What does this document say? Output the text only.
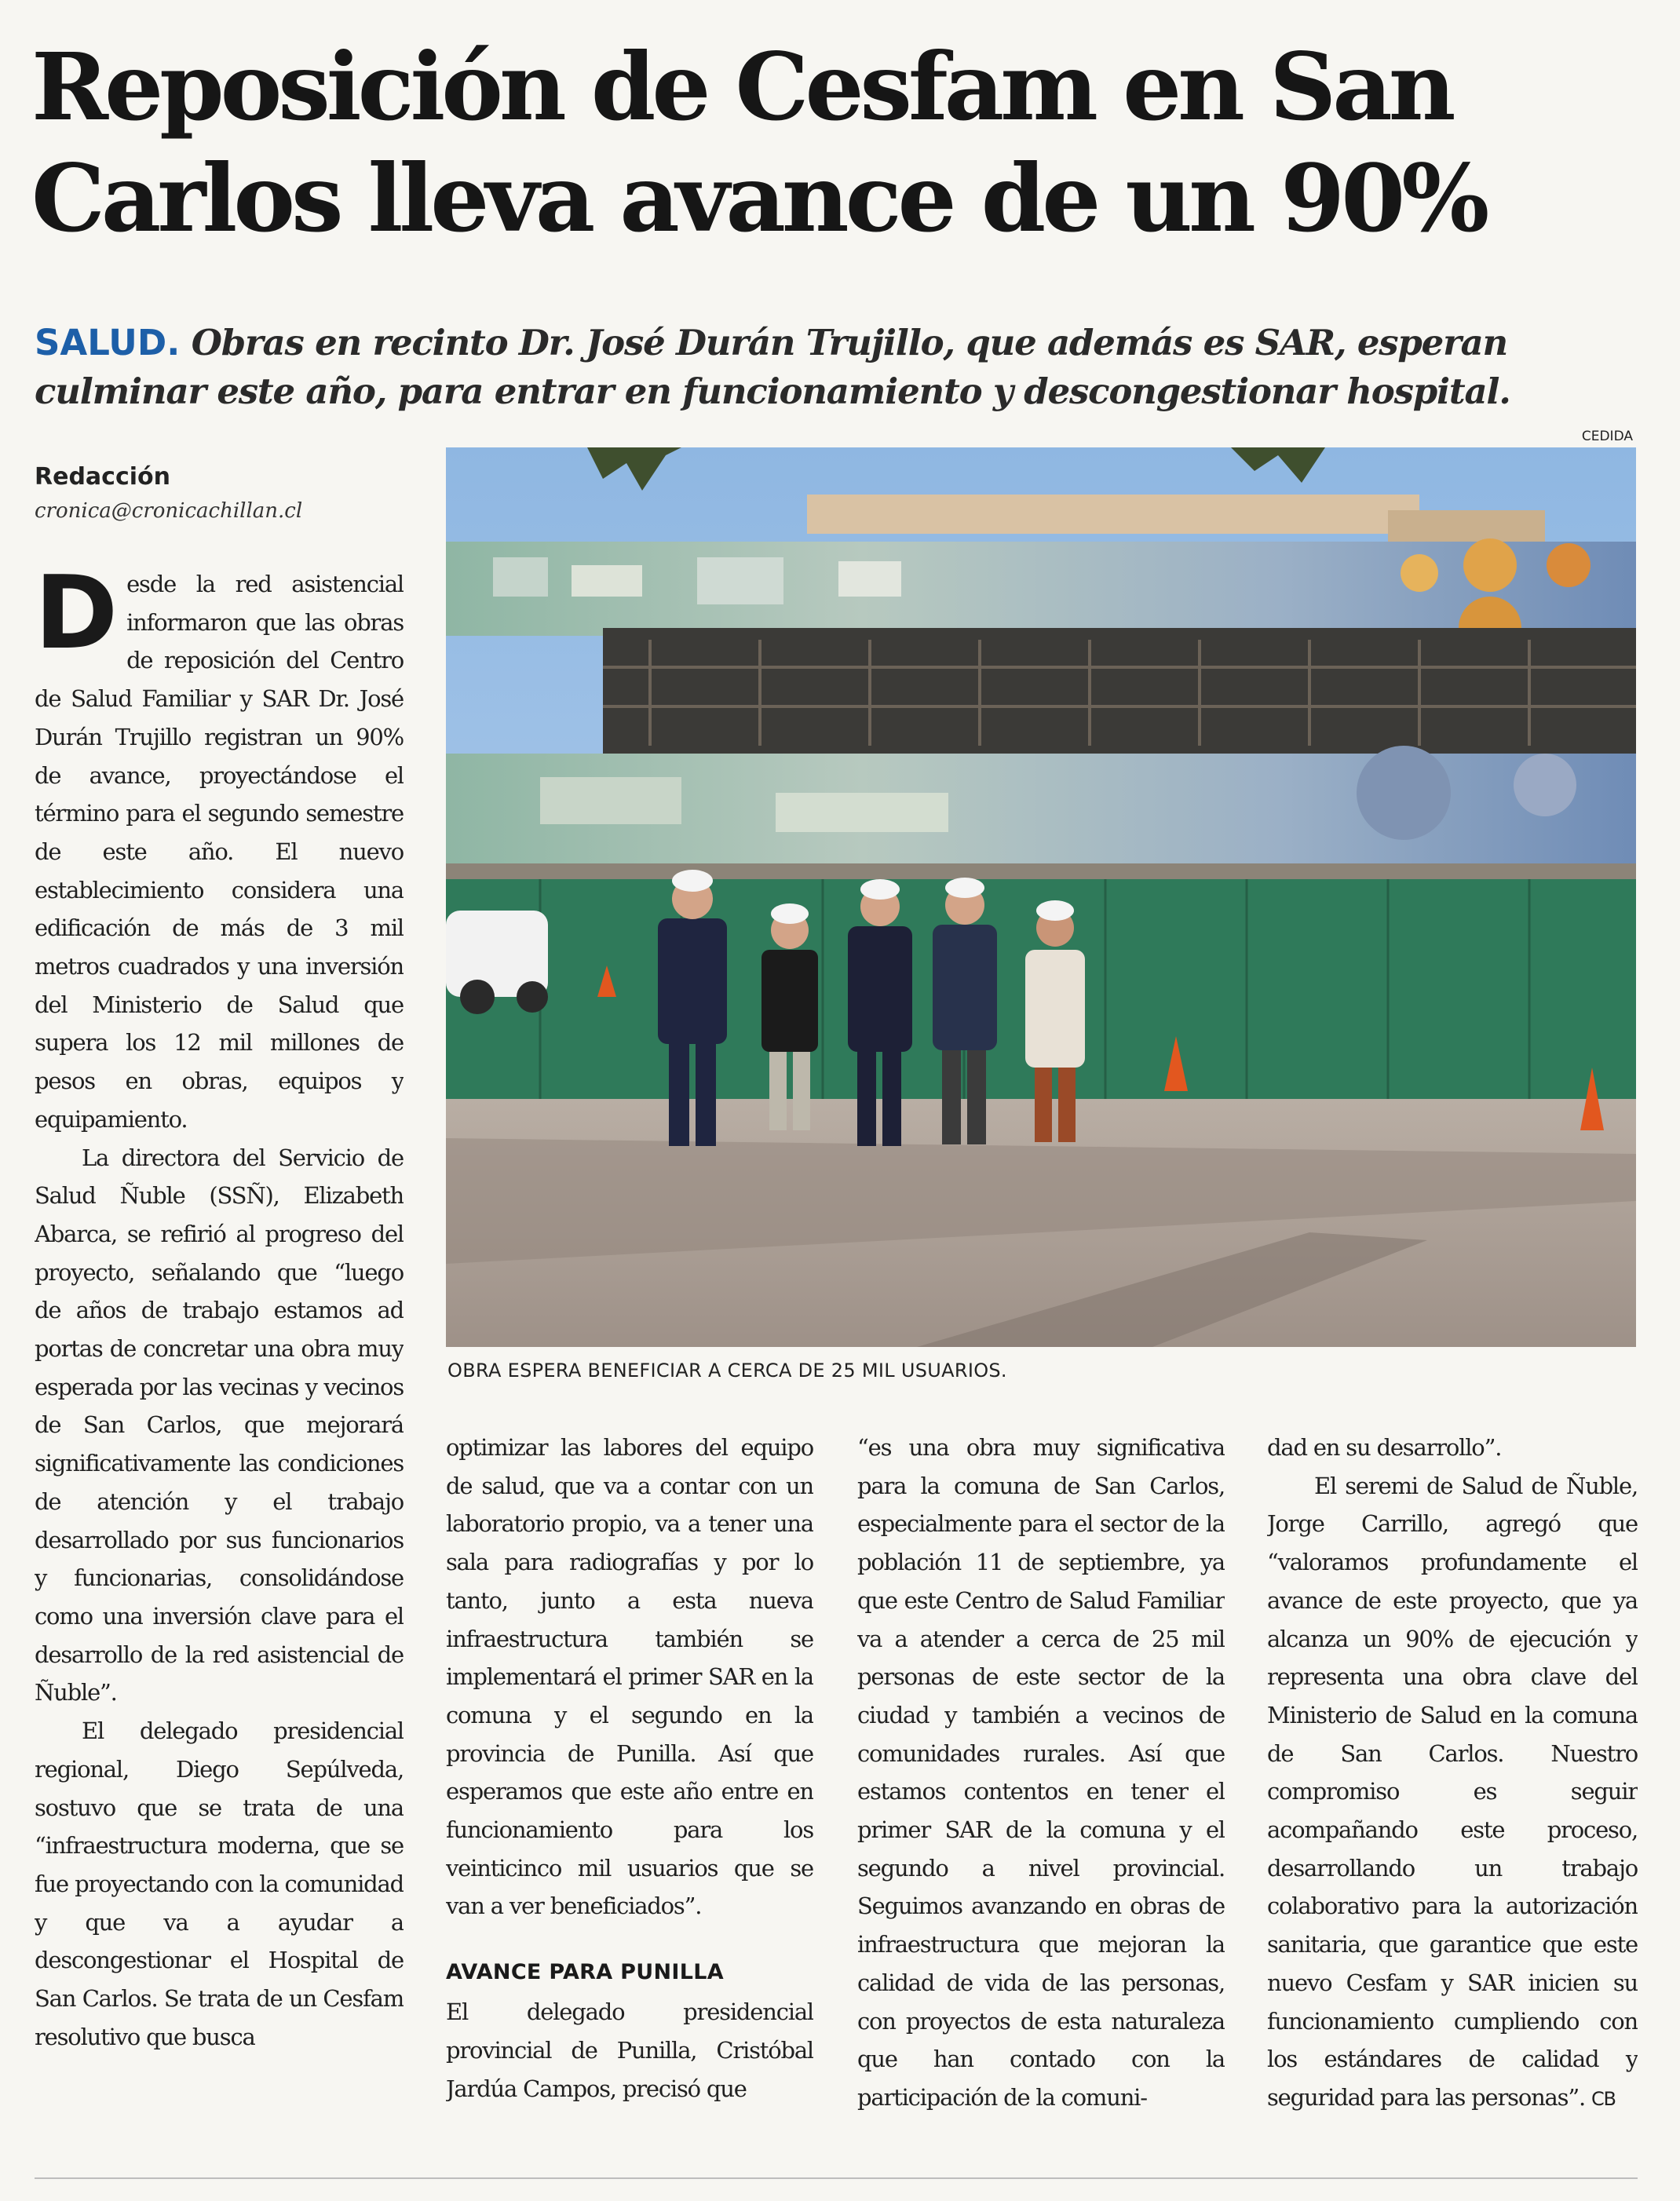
Reposición de Cesfam en San Carlos lleva avance de un 90%

SALUD. Obras en recinto Dr. José Durán Trujillo, que además es SAR, esperan culminar este año, para entrar en funcionamiento y descongestionar hospital.

CEDIDA
Redacción
cronica@cronicachillan.cl
OBRA ESPERA BENEFICIAR A CERCA DE 25 MIL USUARIOS.

Desde la red asistencial informaron que las obras de reposición del Centro de Salud Familiar y SAR Dr. José Durán Trujillo registran un 90% de avance, proyectándose el término para el segundo semestre de este año. El nuevo establecimiento considera una edificación de más de 3 mil metros cuadrados y una inversión del Ministerio de Salud que supera los 12 mil millones de pesos en obras, equipos y equipamiento.

La directora del Servicio de Salud Ñuble (SSÑ), Elizabeth Abarca, se refirió al progreso del proyecto, señalando que “luego de años de trabajo estamos ad portas de concretar una obra muy esperada por las vecinas y vecinos de San Carlos, que mejorará significativamente las condiciones de atención y el trabajo desarrollado por sus funcionarios y funcionarias, consolidándose como una inversión clave para el desarrollo de la red asistencial de Ñuble”.

El delegado presidencial regional, Diego Sepúlveda, sostuvo que se trata de una “infraestructura moderna, que se fue proyectando con la comunidad y que va a ayudar a descongestionar el Hospital de San Carlos. Se trata de un Cesfam resolutivo que busca

optimizar las labores del equipo de salud, que va a contar con un laboratorio propio, va a tener una sala para radiografías y por lo tanto, junto a esta nueva infraestructura también se implementará el primer SAR en la comuna y el segundo en la provincia de Punilla. Así que esperamos que este año entre en funcionamiento para los veinticinco mil usuarios que se van a ver beneficiados”.

AVANCE PARA PUNILLA

El delegado presidencial provincial de Punilla, Cristóbal Jardúa Campos, precisó que

“es una obra muy significativa para la comuna de San Carlos, especialmente para el sector de la población 11 de septiembre, ya que este Centro de Salud Familiar va a atender a cerca de 25 mil personas de este sector de la ciudad y también a vecinos de comunidades rurales. Así que estamos contentos en tener el primer SAR de la comuna y el segundo a nivel provincial. Seguimos avanzando en obras de infraestructura que mejoran la calidad de vida de las personas, con proyectos de esta naturaleza que han contado con la participación de la comuni-

dad en su desarrollo”.

El seremi de Salud de Ñuble, Jorge Carrillo, agregó que “valoramos profundamente el avance de este proyecto, que ya alcanza un 90% de ejecución y representa una obra clave del Ministerio de Salud en la comuna de San Carlos. Nuestro compromiso es seguir acompañando este proceso, desarrollando un trabajo colaborativo para la autorización sanitaria, que garantice que este nuevo Cesfam y SAR inicien su funcionamiento cumpliendo con los estándares de calidad y seguridad para las personas”. CB
